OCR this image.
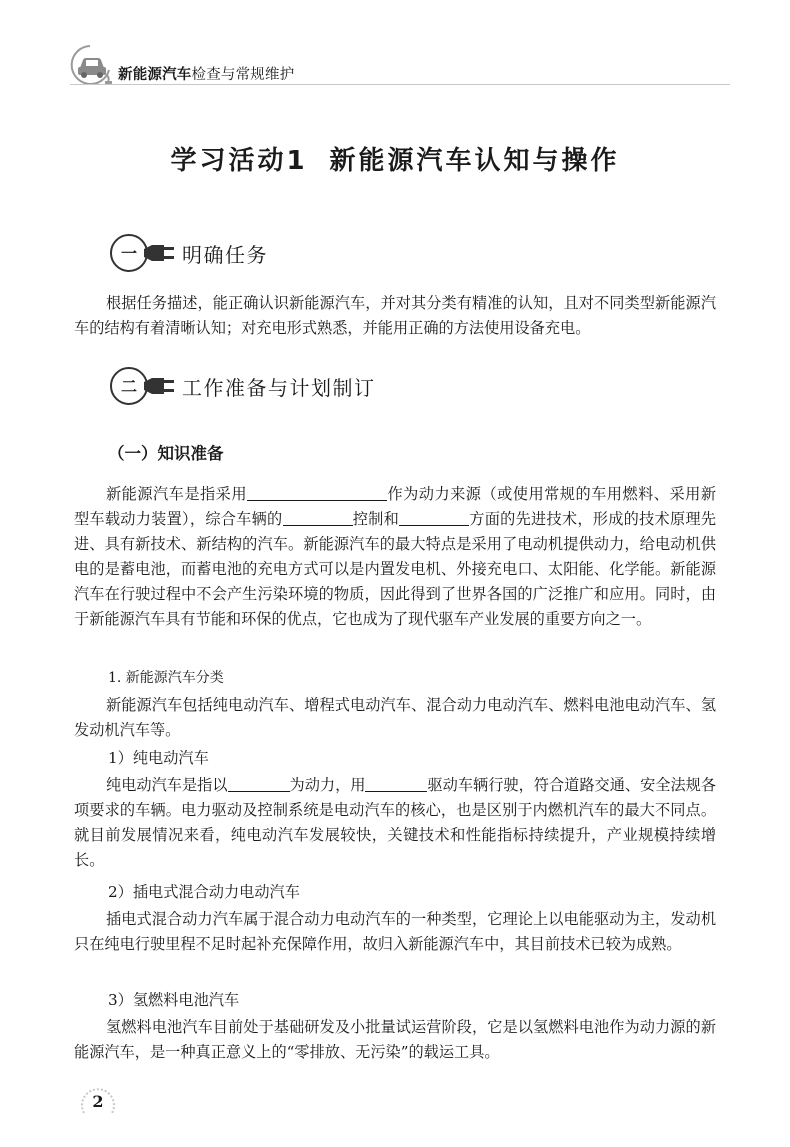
新能源汽车检查与常规维护
学习活动1 新能源汽车认知与操作
一 明确任务

根据任务描述，能正确认识新能源汽车，并对其分类有精准的认知，且对不同类型新能源汽车的结构有着清晰认知；对充电形式熟悉，并能用正确的方法使用设备充电。

二 工作准备与计划制订
（一）知识准备

新能源汽车是指采用	作为动力来源（或使用常规的车用燃料、采用新型车载动力装置），综合车辆的	控制和	方面的先进技术，形成的技术原理先进、具有新技术、新结构的汽车。新能源汽车的最大特点是采用了电动机提供动力，给电动机供电的是蓄电池，而蓄电池的充电方式可以是内置发电机、外接充电口、太阳能、化学能。新能源汽车在行驶过程中不会产生污染环境的物质，因此得到了世界各国的广泛推广和应用。同时，由于新能源汽车具有节能和环保的优点，它也成为了现代驱车产业发展的重要方向之一。

1. 新能源汽车分类

新能源汽车包括纯电动汽车、增程式电动汽车、混合动力电动汽车、燃料电池电动汽车、氢发动机汽车等。

1）纯电动汽车

纯电动汽车是指以	为动力，用	驱动车辆行驶，符合道路交通、安全法规各项要求的车辆。电力驱动及控制系统是电动汽车的核心，也是区别于内燃机汽车的最大不同点。就目前发展情况来看，纯电动汽车发展较快，关键技术和性能指标持续提升，产业规模持续增长。

2）插电式混合动力电动汽车

插电式混合动力汽车属于混合动力电动汽车的一种类型，它理论上以电能驱动为主，发动机只在纯电行驶里程不足时起补充保障作用，故归入新能源汽车中，其目前技术已较为成熟。

3）氢燃料电池汽车

氢燃料电池汽车目前处于基础研发及小批量试运营阶段，它是以氢燃料电池作为动力源的新能源汽车，是一种真正意义上的“零排放、无污染”的载运工具。

2
